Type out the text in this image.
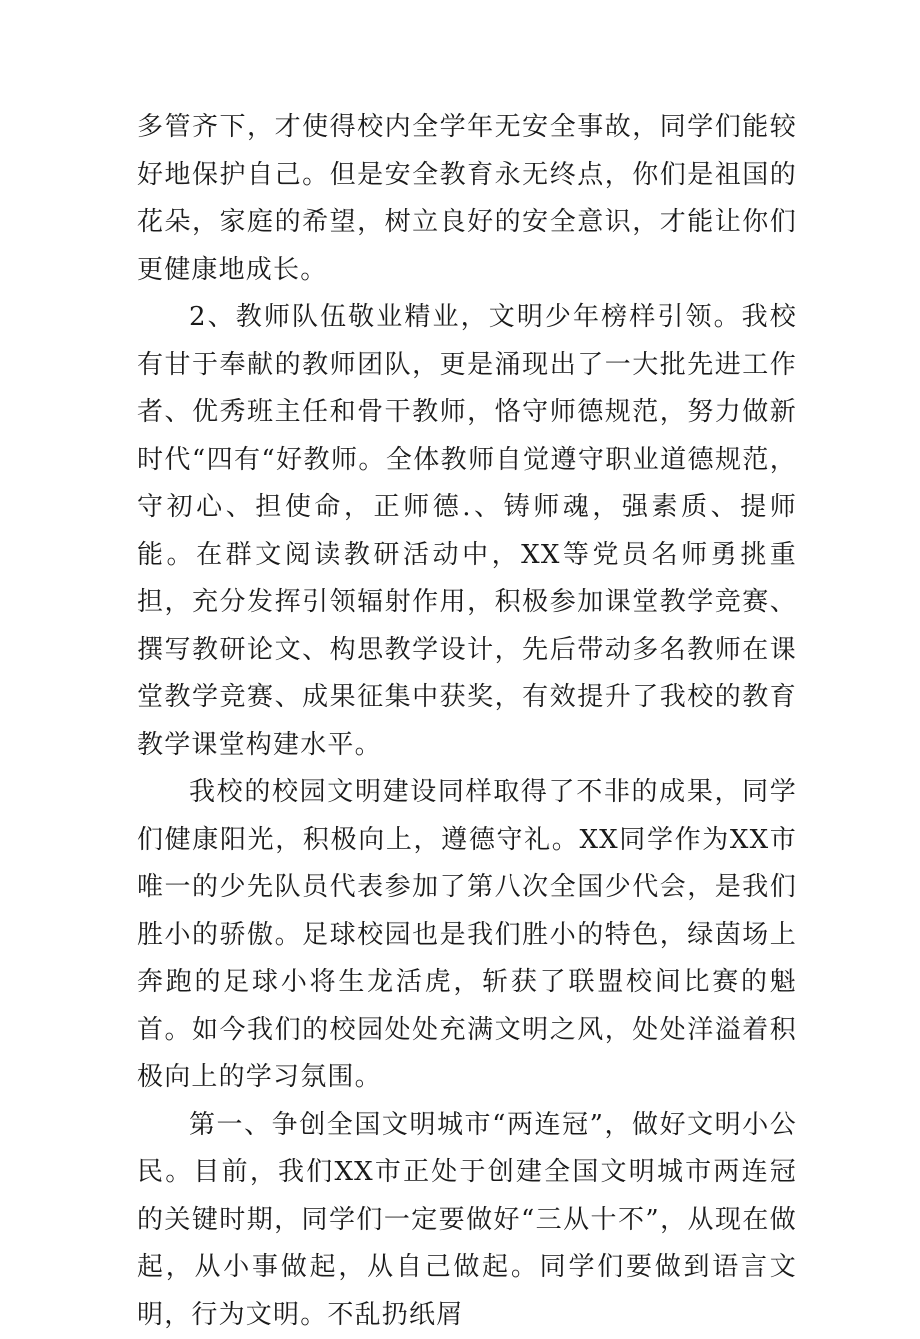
多管齐下，才使得校内全学年无安全事故，同学们能较好地保护自己。但是安全教育永无终点，你们是祖国的花朵，家庭的希望，树立良好的安全意识，才能让你们更健康地成长。

2、教师队伍敬业精业，文明少年榜样引领。我校有甘于奉献的教师团队，更是涌现出了一大批先进工作者、优秀班主任和骨干教师，恪守师德规范，努力做新时代“四有“好教师。全体教师自觉遵守职业道德规范，守初心、担使命，正师德.、铸师魂，强素质、提师能。在群文阅读教研活动中，XX等党员名师勇挑重担，充分发挥引领辐射作用，积极参加课堂教学竞赛、撰写教研论文、构思教学设计，先后带动多名教师在课堂教学竞赛、成果征集中获奖，有效提升了我校的教育教学课堂构建水平。

我校的校园文明建设同样取得了不非的成果，同学们健康阳光，积极向上，遵德守礼。XX同学作为XX市唯一的少先队员代表参加了第八次全国少代会，是我们胜小的骄傲。足球校园也是我们胜小的特色，绿茵场上奔跑的足球小将生龙活虎，斩获了联盟校间比赛的魁首。如今我们的校园处处充满文明之风，处处洋溢着积极向上的学习氛围。

第一、争创全国文明城市“两连冠”，做好文明小公民。目前，我们XX市正处于创建全国文明城市两连冠的关键时期，同学们一定要做好“三从十不”，从现在做起，从小事做起，从自己做起。同学们要做到语言文明，行为文明。不乱扔纸屑
